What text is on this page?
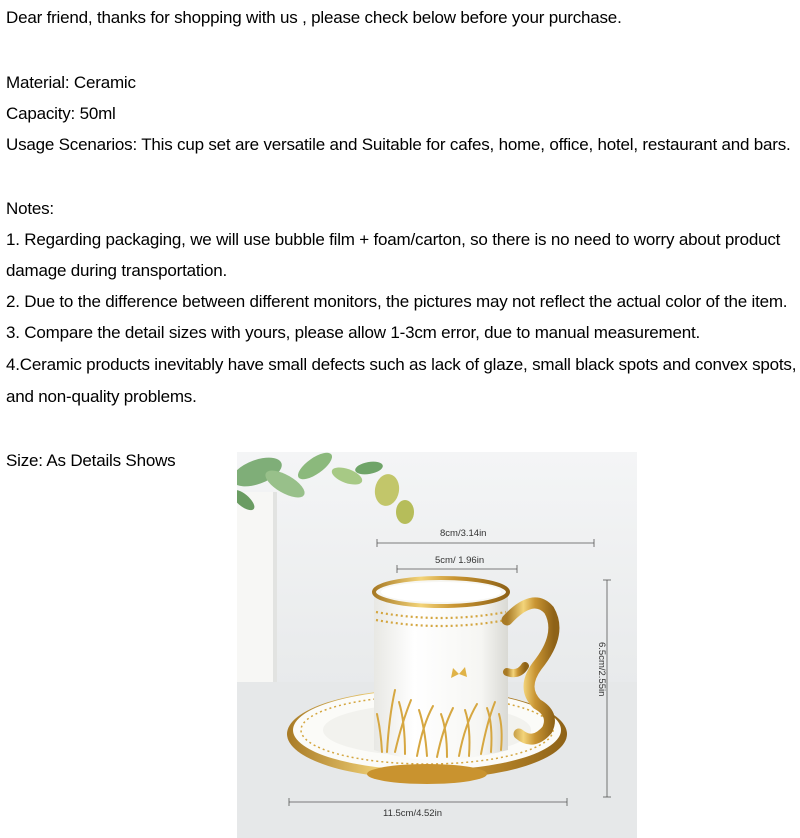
Dear friend, thanks for shopping with us , please check below before your purchase.
Material: Ceramic
Capacity: 50ml
Usage Scenarios: This cup set are versatile and Suitable for cafes, home, office, hotel, restaurant and bars.
Notes:
1. Regarding packaging, we will use bubble film + foam/carton, so there is no need to worry about product
damage during transportation.
2. Due to the difference between different monitors, the pictures may not reflect the actual color of the item.
3. Compare the detail sizes with yours, please allow 1-3cm error, due to manual measurement.
4.Ceramic products inevitably have small defects such as lack of glaze, small black spots and convex spots,
and non-quality problems.
Size: As Details Shows
8cm/3.14in
5cm/ 1.96in
6.5cm/2.55in
11.5cm/4.52in
